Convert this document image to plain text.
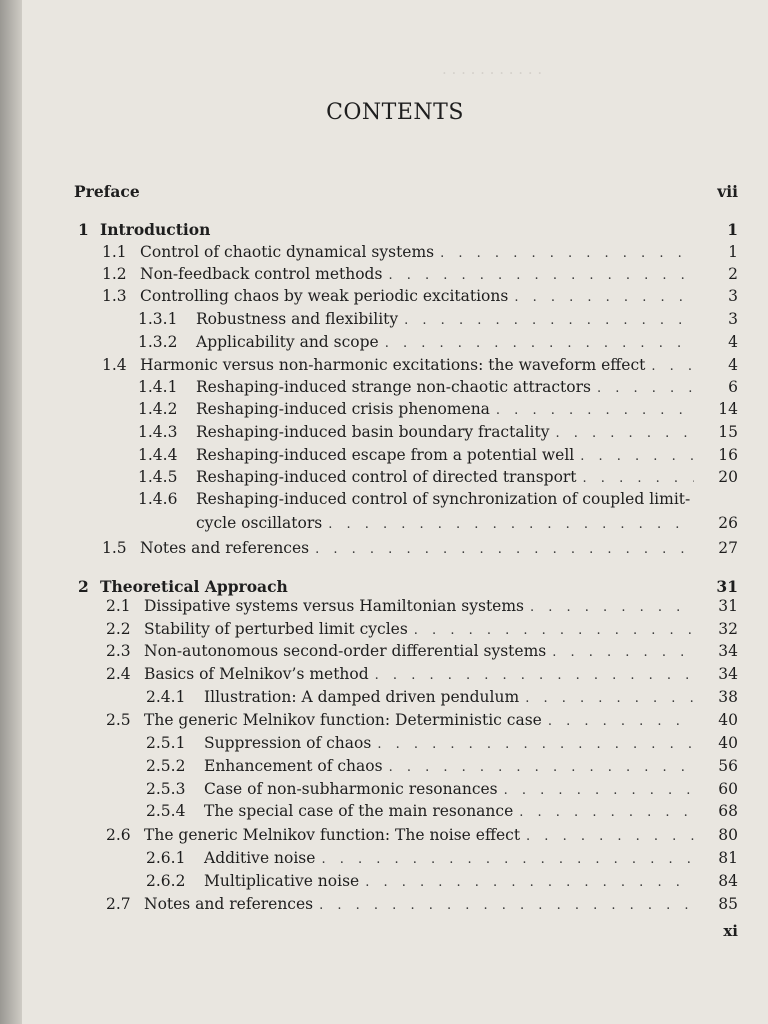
. . . . . . . . . . .
CONTENTS
Preface	vii
1 Introduction	1
1.1 Control of chaotic dynamical systems . . .	1
1.2 Non-feedback control methods . . .	2
1.3 Controlling chaos by weak periodic excitations . . .	3
1.3.1	Robustness and flexibility . . .	3
1.3.2	Applicability and scope . . .	4
1.4 Harmonic versus non-harmonic excitations: the waveform effect . . .	4
1.4.1	Reshaping-induced strange non-chaotic attractors . . .	6
1.4.2	Reshaping-induced crisis phenomena . . .	14
1.4.3	Reshaping-induced basin boundary fractality . . .	15
1.4.4	Reshaping-induced escape from a potential well . . .	16
1.4.5	Reshaping-induced control of directed transport . . .	20
1.4.6	Reshaping-induced control of synchronization of coupled limit-
cycle oscillators . . .	26
1.5 Notes and references . . .	27
2 Theoretical Approach	31
2.1 Dissipative systems versus Hamiltonian systems . . .	31
2.2 Stability of perturbed limit cycles . . .	32
2.3 Non-autonomous second-order differential systems . . .	34
2.4 Basics of Melnikov’s method . . .	34
2.4.1	Illustration: A damped driven pendulum . . .	38
2.5 The generic Melnikov function: Deterministic case . . .	40
2.5.1	Suppression of chaos . . .	40
2.5.2	Enhancement of chaos . . .	56
2.5.3	Case of non-subharmonic resonances . . .	60
2.5.4	The special case of the main resonance . . .	68
2.6 The generic Melnikov function: The noise effect . . .	80
2.6.1	Additive noise . . .	81
2.6.2	Multiplicative noise . . .	84
2.7 Notes and references . . .	85
xi
